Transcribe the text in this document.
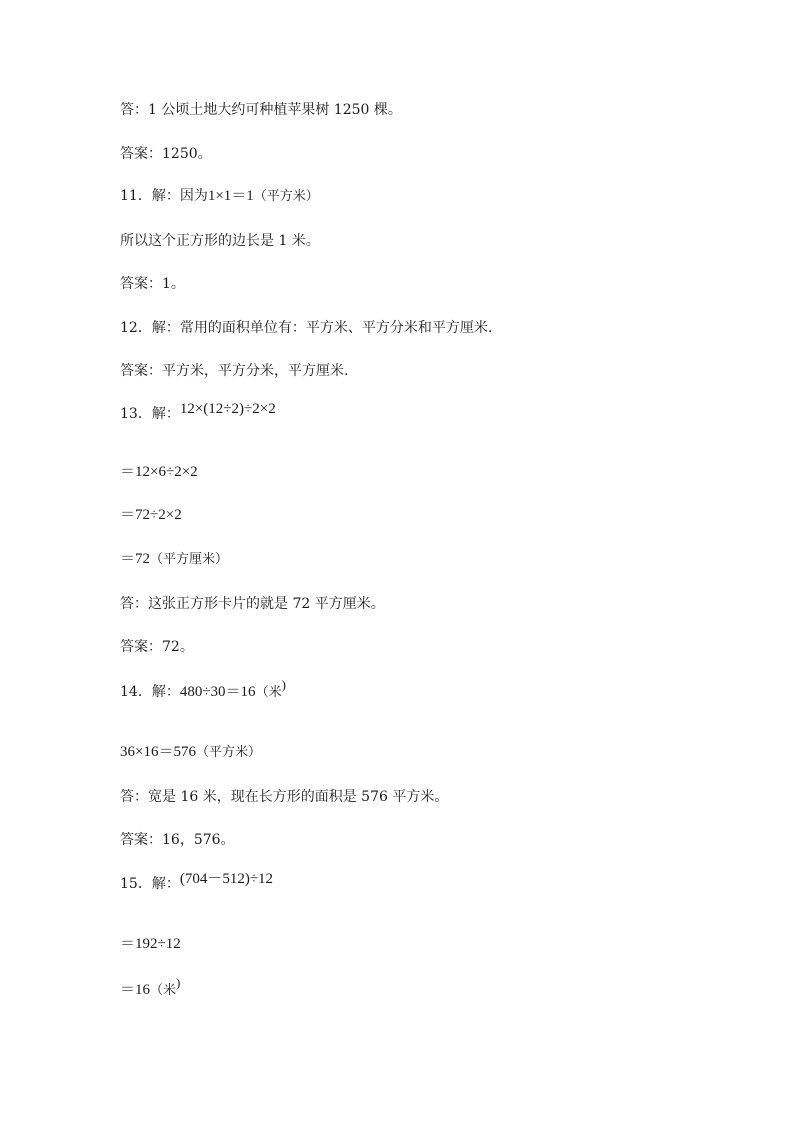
答：1 公顷土地大约可种植苹果树 1250 棵。
答案：1250。
11．解：因为1×1＝1（平方米）
所以这个正方形的边长是 1 米。
答案：1。
12．解：常用的面积单位有：平方米、平方分米和平方厘米.
答案：平方米，平方分米，平方厘米.
13．解：12×(12÷2)÷2×2
＝12×6÷2×2
＝72÷2×2
＝72（平方厘米）
答：这张正方形卡片的就是 72 平方厘米。
答案：72。
14．解：480÷30＝16（米)
36×16＝576（平方米）
答：宽是 16 米，现在长方形的面积是 576 平方米。
答案：16，576。
15．解：(704－512)÷12
＝192÷12
＝16（米)
